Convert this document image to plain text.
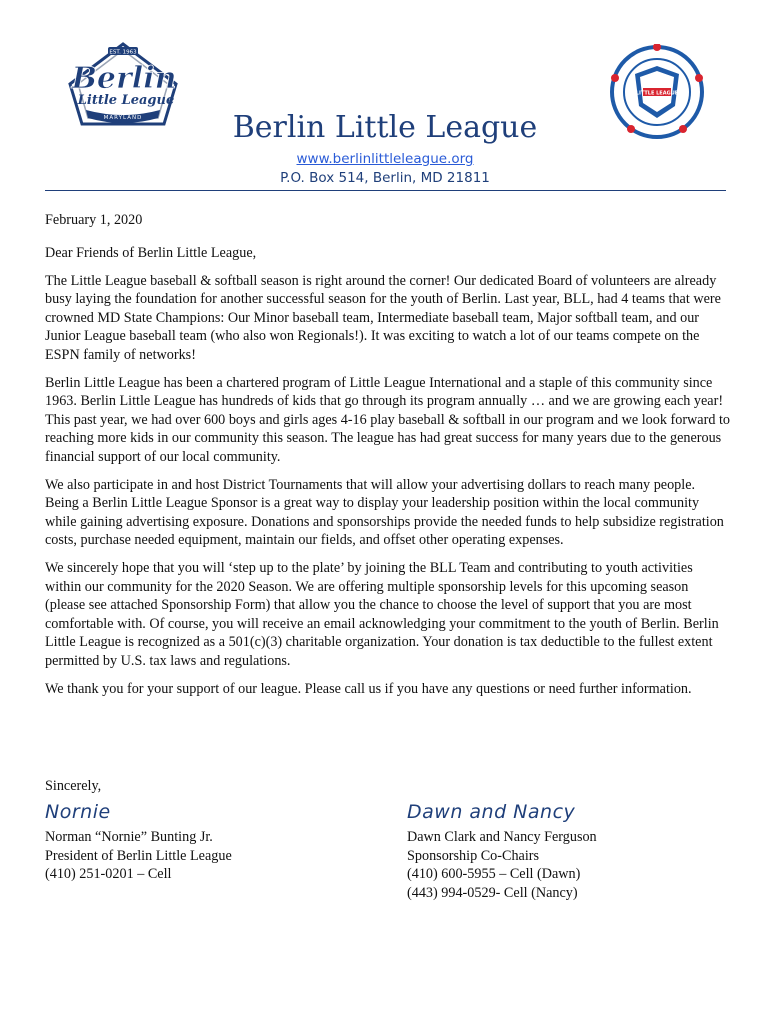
EST. 1963
Berlin
Little League
MARYLAND
LITTLE LEAGUE
Berlin Little League
www.berlinlittleleague.org
P.O. Box 514, Berlin, MD 21811

February 1, 2020

Dear Friends of Berlin Little League,

The Little League baseball & softball season is right around the corner! Our dedicated Board of volunteers are already busy laying the foundation for another successful season for the youth of Berlin. Last year, BLL, had 4 teams that were crowned MD State Champions: Our Minor baseball team, Intermediate baseball team, Major softball team, and our Junior League baseball team (who also won Regionals!). It was exciting to watch a lot of our teams compete on the ESPN family of networks!

Berlin Little League has been a chartered program of Little League International and a staple of this community since 1963. Berlin Little League has hundreds of kids that go through its program annually … and we are growing each year! This past year, we had over 600 boys and girls ages 4-16 play baseball & softball in our program and we look forward to reaching more kids in our community this season. The league has had great success for many years due to the generous financial support of our local community.

We also participate in and host District Tournaments that will allow your advertising dollars to reach many people. Being a Berlin Little League Sponsor is a great way to display your leadership position within the local community while gaining advertising exposure. Donations and sponsorships provide the needed funds to help subsidize registration costs, purchase needed equipment, maintain our fields, and offset other operating expenses.

We sincerely hope that you will ‘step up to the plate’ by joining the BLL Team and contributing to youth activities within our community for the 2020 Season. We are offering multiple sponsorship levels for this upcoming season (please see attached Sponsorship Form) that allow you the chance to choose the level of support that you are most comfortable with. Of course, you will receive an email acknowledging your commitment to the youth of Berlin. Berlin Little League is recognized as a 501(c)(3) charitable organization. Your donation is tax deductible to the fullest extent permitted by U.S. tax laws and regulations.

We thank you for your support of our league. Please call us if you have any questions or need further information.

Sincerely,
Nornie
Norman “Nornie” Bunting Jr.
President of Berlin Little League
(410) 251-0201 – Cell
Dawn and Nancy
Dawn Clark and Nancy Ferguson
Sponsorship Co-Chairs
(410) 600-5955 – Cell (Dawn)
(443) 994-0529- Cell (Nancy)
